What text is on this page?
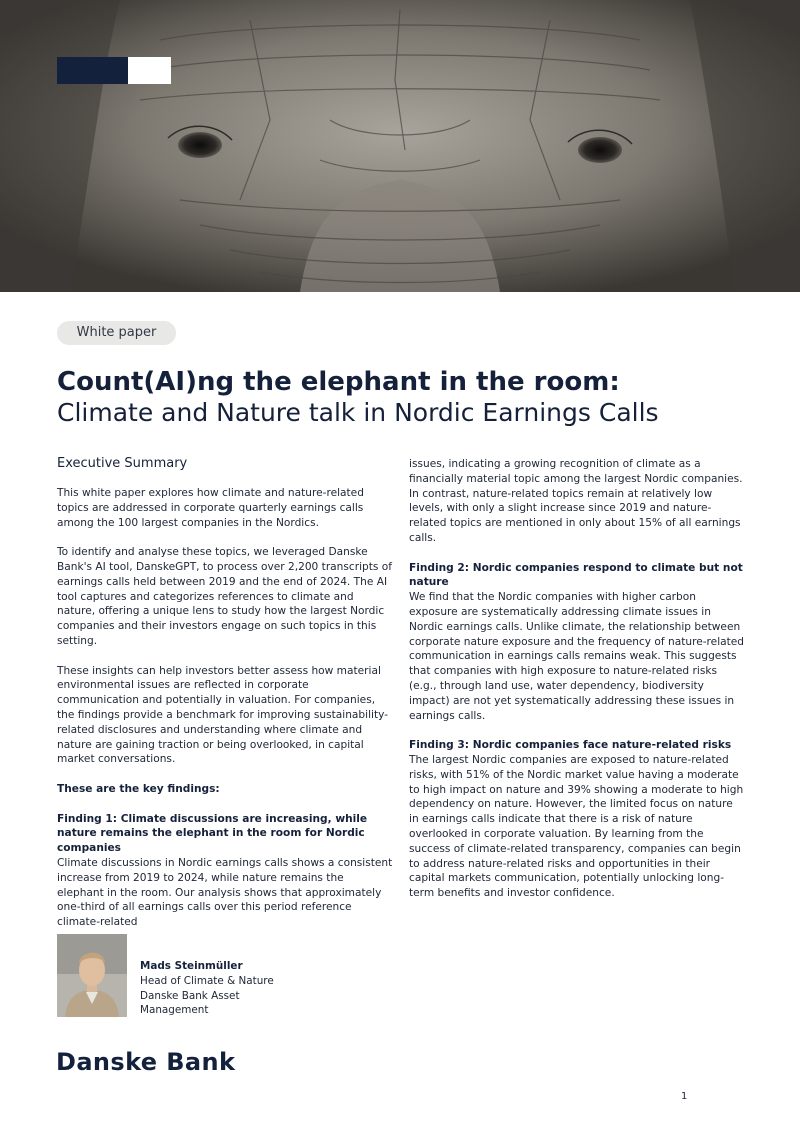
White paper
Count(AI)ng the elephant in the room:
Climate and Nature talk in Nordic Earnings Calls

Executive Summary

This white paper explores how climate and nature-related topics are addressed in corporate quarterly earnings calls among the 100 largest companies in the Nordics.

To identify and analyse these topics, we leveraged Danske Bank's AI tool, DanskeGPT, to process over 2,200 transcripts of earnings calls held between 2019 and the end of 2024. The AI tool captures and categorizes references to climate and nature, offering a unique lens to study how the largest Nordic companies and their investors engage on such topics in this setting.

These insights can help investors better assess how material environmental issues are reflected in corporate communication and potentially in valuation. For companies, the findings provide a benchmark for improving sustainability-related disclosures and understanding where climate and nature are gaining traction or being overlooked, in capital market conversations.

These are the key findings:

Finding 1: Climate discussions are increasing, while nature remains the elephant in the room for Nordic companies

Climate discussions in Nordic earnings calls shows a consistent increase from 2019 to 2024, while nature remains the elephant in the room. Our analysis shows that approximately one-third of all earnings calls over this period reference climate-related

issues, indicating a growing recognition of climate as a financially material topic among the largest Nordic companies. In contrast, nature-related topics remain at relatively low levels, with only a slight increase since 2019 and nature-related topics are mentioned in only about 15% of all earnings calls.

Finding 2: Nordic companies respond to climate but not nature

We find that the Nordic companies with higher carbon exposure are systematically addressing climate issues in Nordic earnings calls. Unlike climate, the relationship between corporate nature exposure and the frequency of nature-related communication in earnings calls remains weak. This suggests that companies with high exposure to nature-related risks (e.g., through land use, water dependency, biodiversity impact) are not yet systematically addressing these issues in earnings calls.

Finding 3: Nordic companies face nature-related risks

The largest Nordic companies are exposed to nature-related risks, with 51% of the Nordic market value having a moderate to high impact on nature and 39% showing a moderate to high dependency on nature. However, the limited focus on nature in earnings calls indicate that there is a risk of nature overlooked in corporate valuation. By learning from the success of climate-related transparency, companies can begin to address nature-related risks and opportunities in their capital markets communication, potentially unlocking long-term benefits and investor confidence.

Mads Steinmüller
Head of Climate & Nature
Danske Bank Asset
Management
Danske Bank
1
